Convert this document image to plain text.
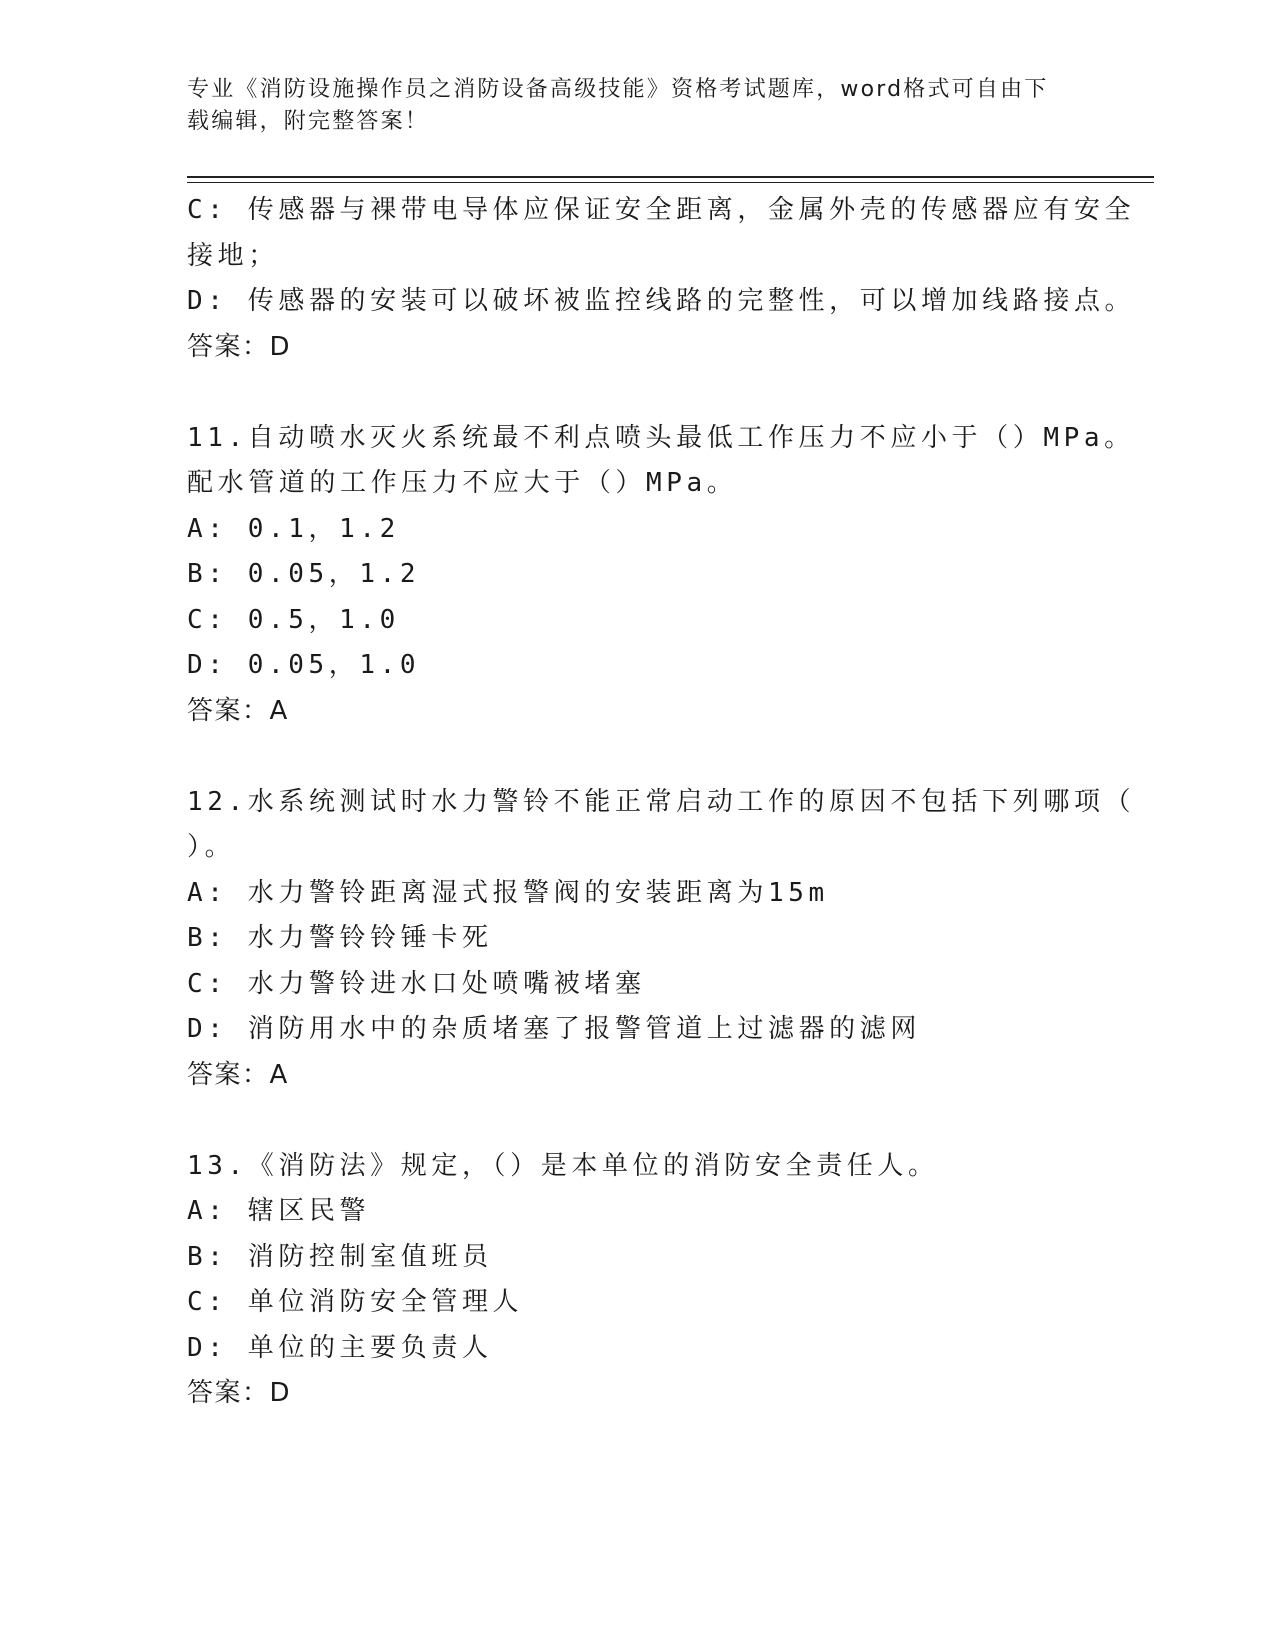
专业《消防设施操作员之消防设备高级技能》资格考试题库，word格式可自由下
载编辑，附完整答案！
C: 传感器与裸带电导体应保证安全距离，金属外壳的传感器应有安全
接地；
D: 传感器的安装可以破坏被监控线路的完整性，可以增加线路接点。
答案：D
11.自动喷水灭火系统最不利点喷头最低工作压力不应小于（）MPa。
配水管道的工作压力不应大于（）MPa。
A: 0.1，1.2
B: 0.05，1.2
C: 0.5，1.0
D: 0.05，1.0
答案：A
12.水系统测试时水力警铃不能正常启动工作的原因不包括下列哪项（
）。
A: 水力警铃距离湿式报警阀的安装距离为15m
B: 水力警铃铃锤卡死
C: 水力警铃进水口处喷嘴被堵塞
D: 消防用水中的杂质堵塞了报警管道上过滤器的滤网
答案：A
13.《消防法》规定，（）是本单位的消防安全责任人。
A: 辖区民警
B: 消防控制室值班员
C: 单位消防安全管理人
D: 单位的主要负责人
答案：D
